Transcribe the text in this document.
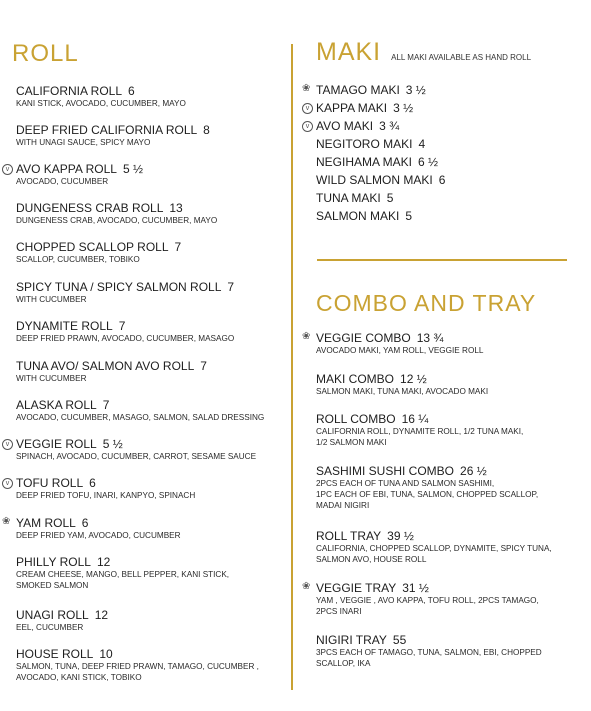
ROLL
CALIFORNIA ROLL 6
KANI STICK, AVOCADO, CUCUMBER, MAYO
DEEP FRIED CALIFORNIA ROLL 8
WITH UNAGI SAUCE, SPICY MAYO
AVO KAPPA ROLL 5 ½
AVOCADO, CUCUMBER
v
DUNGENESS CRAB ROLL 13
DUNGENESS CRAB, AVOCADO, CUCUMBER, MAYO
CHOPPED SCALLOP ROLL 7
SCALLOP, CUCUMBER, TOBIKO
SPICY TUNA / SPICY SALMON ROLL 7
WITH CUCUMBER
DYNAMITE ROLL 7
DEEP FRIED PRAWN, AVOCADO, CUCUMBER, MASAGO
TUNA AVO/ SALMON AVO ROLL 7
WITH CUCUMBER
ALASKA ROLL 7
AVOCADO, CUCUMBER, MASAGO, SALMON, SALAD DRESSING
VEGGIE ROLL 5 ½
SPINACH, AVOCADO, CUCUMBER, CARROT, SESAME SAUCE
v
TOFU ROLL 6
DEEP FRIED TOFU, INARI, KANPYO, SPINACH
v
YAM ROLL 6
DEEP FRIED YAM, AVOCADO, CUCUMBER
❀
PHILLY ROLL 12
CREAM CHEESE, MANGO, BELL PEPPER, KANI STICK,
SMOKED SALMON
UNAGI ROLL 12
EEL, CUCUMBER
HOUSE ROLL 10
SALMON, TUNA, DEEP FRIED PRAWN, TAMAGO, CUCUMBER ,
AVOCADO, KANI STICK, TOBIKO
MAKI ALL MAKI AVAILABLE AS HAND ROLL
TAMAGO MAKI 3 ½
❀
KAPPA MAKI 3 ½
v
AVO MAKI 3 ¾
v
NEGITORO MAKI 4
NEGIHAMA MAKI 6 ½
WILD SALMON MAKI 6
TUNA MAKI 5
SALMON MAKI 5
COMBO AND TRAY
VEGGIE COMBO 13 ¾
AVOCADO MAKI, YAM ROLL, VEGGIE ROLL
❀
MAKI COMBO 12 ½
SALMON MAKI, TUNA MAKI, AVOCADO MAKI
ROLL COMBO 16 ¼
CALIFORNIA ROLL, DYNAMITE ROLL, 1/2 TUNA MAKI,
1/2 SALMON MAKI
SASHIMI SUSHI COMBO 26 ½
2PCS EACH OF TUNA AND SALMON SASHIMI,
1PC EACH OF EBI, TUNA, SALMON, CHOPPED SCALLOP,
MADAI NIGIRI
ROLL TRAY 39 ½
CALIFORNIA, CHOPPED SCALLOP, DYNAMITE, SPICY TUNA,
SALMON AVO, HOUSE ROLL
VEGGIE TRAY 31 ½
YAM , VEGGIE , AVO KAPPA, TOFU ROLL, 2PCS TAMAGO,
2PCS INARI
❀
NIGIRI TRAY 55
3PCS EACH OF TAMAGO, TUNA, SALMON, EBI, CHOPPED
SCALLOP, IKA
